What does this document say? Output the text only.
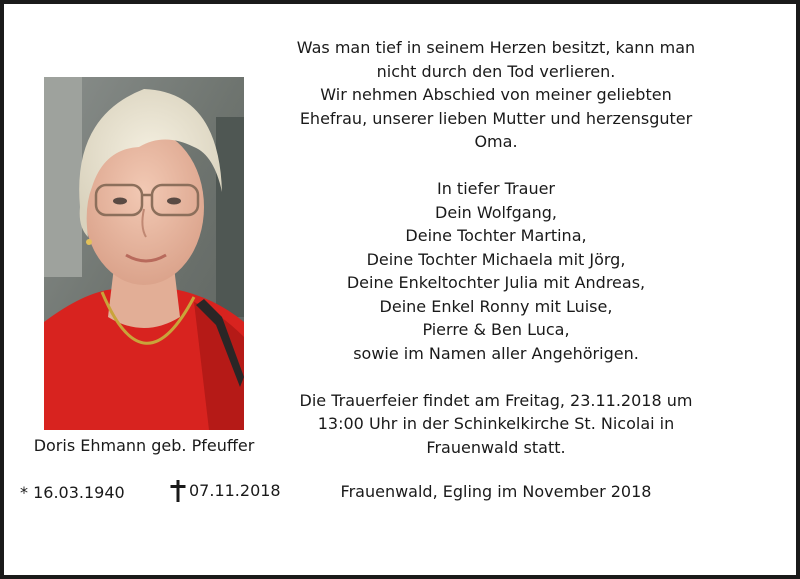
Doris Ehmann geb. Pfeuffer
* 16.03.1940	07.11.2018
Was man tief in seinem Herzen besitzt, kann man
nicht durch den Tod verlieren.
Wir nehmen Abschied von meiner geliebten
Ehefrau, unserer lieben Mutter und herzensguter
Oma.
In tiefer Trauer
Dein Wolfgang,
Deine Tochter Martina,
Deine Tochter Michaela mit Jörg,
Deine Enkeltochter Julia mit Andreas,
Deine Enkel Ronny mit Luise,
Pierre & Ben Luca,
sowie im Namen aller Angehörigen.
Die Trauerfeier findet am Freitag, 23.11.2018 um
13:00 Uhr in der Schinkelkirche St. Nicolai in
Frauenwald statt.
Frauenwald, Egling im November 2018
